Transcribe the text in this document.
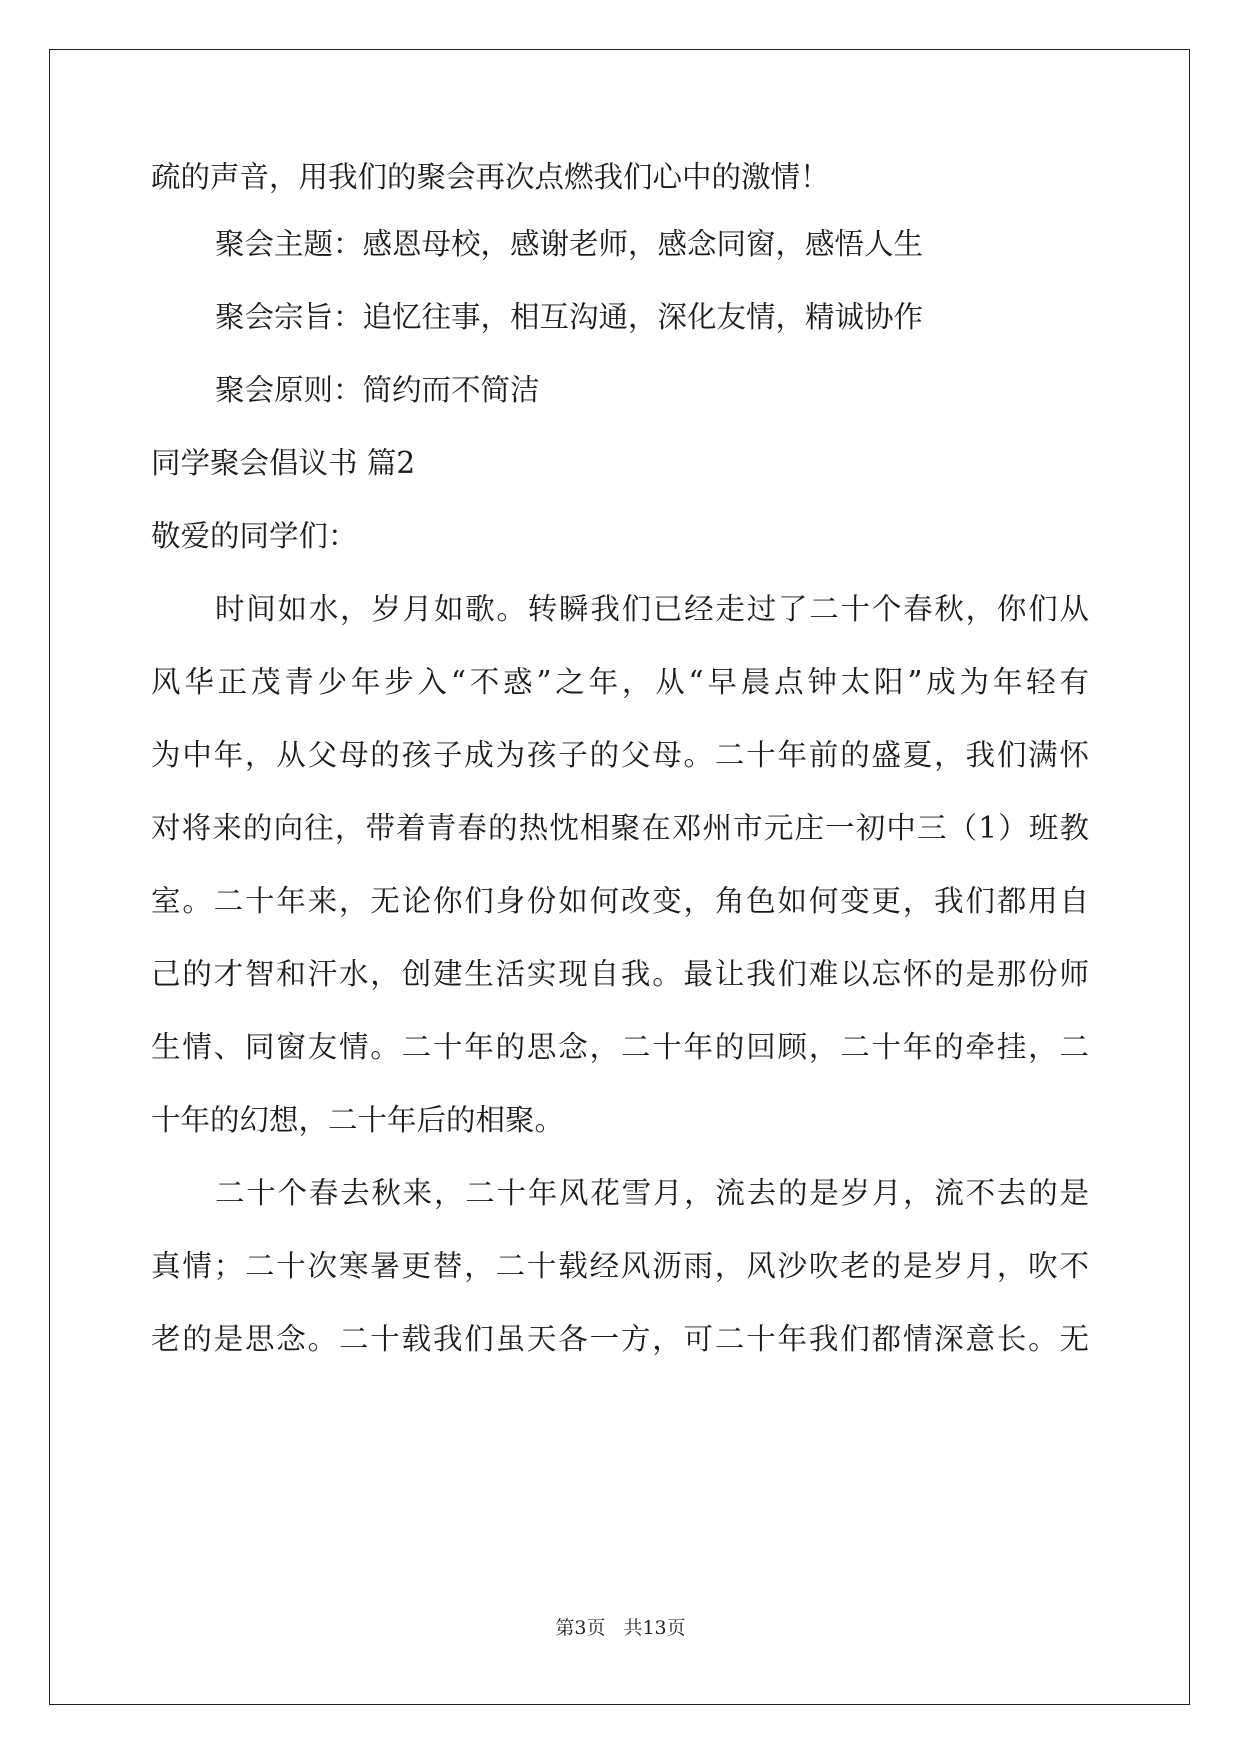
疏的声音，用我们的聚会再次点燃我们心中的激情！
聚会主题：感恩母校，感谢老师，感念同窗，感悟人生
聚会宗旨：追忆往事，相互沟通，深化友情，精诚协作
聚会原则：简约而不简洁
同学聚会倡议书 篇2
敬爱的同学们：
时间如水，岁月如歌。转瞬我们已经走过了二十个春秋，你们从
风华正茂青少年步入“不惑”之年，从“早晨点钟太阳”成为年轻有
为中年，从父母的孩子成为孩子的父母。二十年前的盛夏，我们满怀
对将来的向往，带着青春的热忱相聚在邓州市元庄一初中三（1）班教
室。二十年来，无论你们身份如何改变，角色如何变更，我们都用自
己的才智和汗水，创建生活实现自我。最让我们难以忘怀的是那份师
生情、同窗友情。二十年的思念，二十年的回顾，二十年的牵挂，二
十年的幻想，二十年后的相聚。
二十个春去秋来，二十年风花雪月，流去的是岁月，流不去的是
真情；二十次寒暑更替，二十载经风沥雨，风沙吹老的是岁月，吹不
老的是思念。二十载我们虽天各一方，可二十年我们都情深意长。无
第3页 共13页
